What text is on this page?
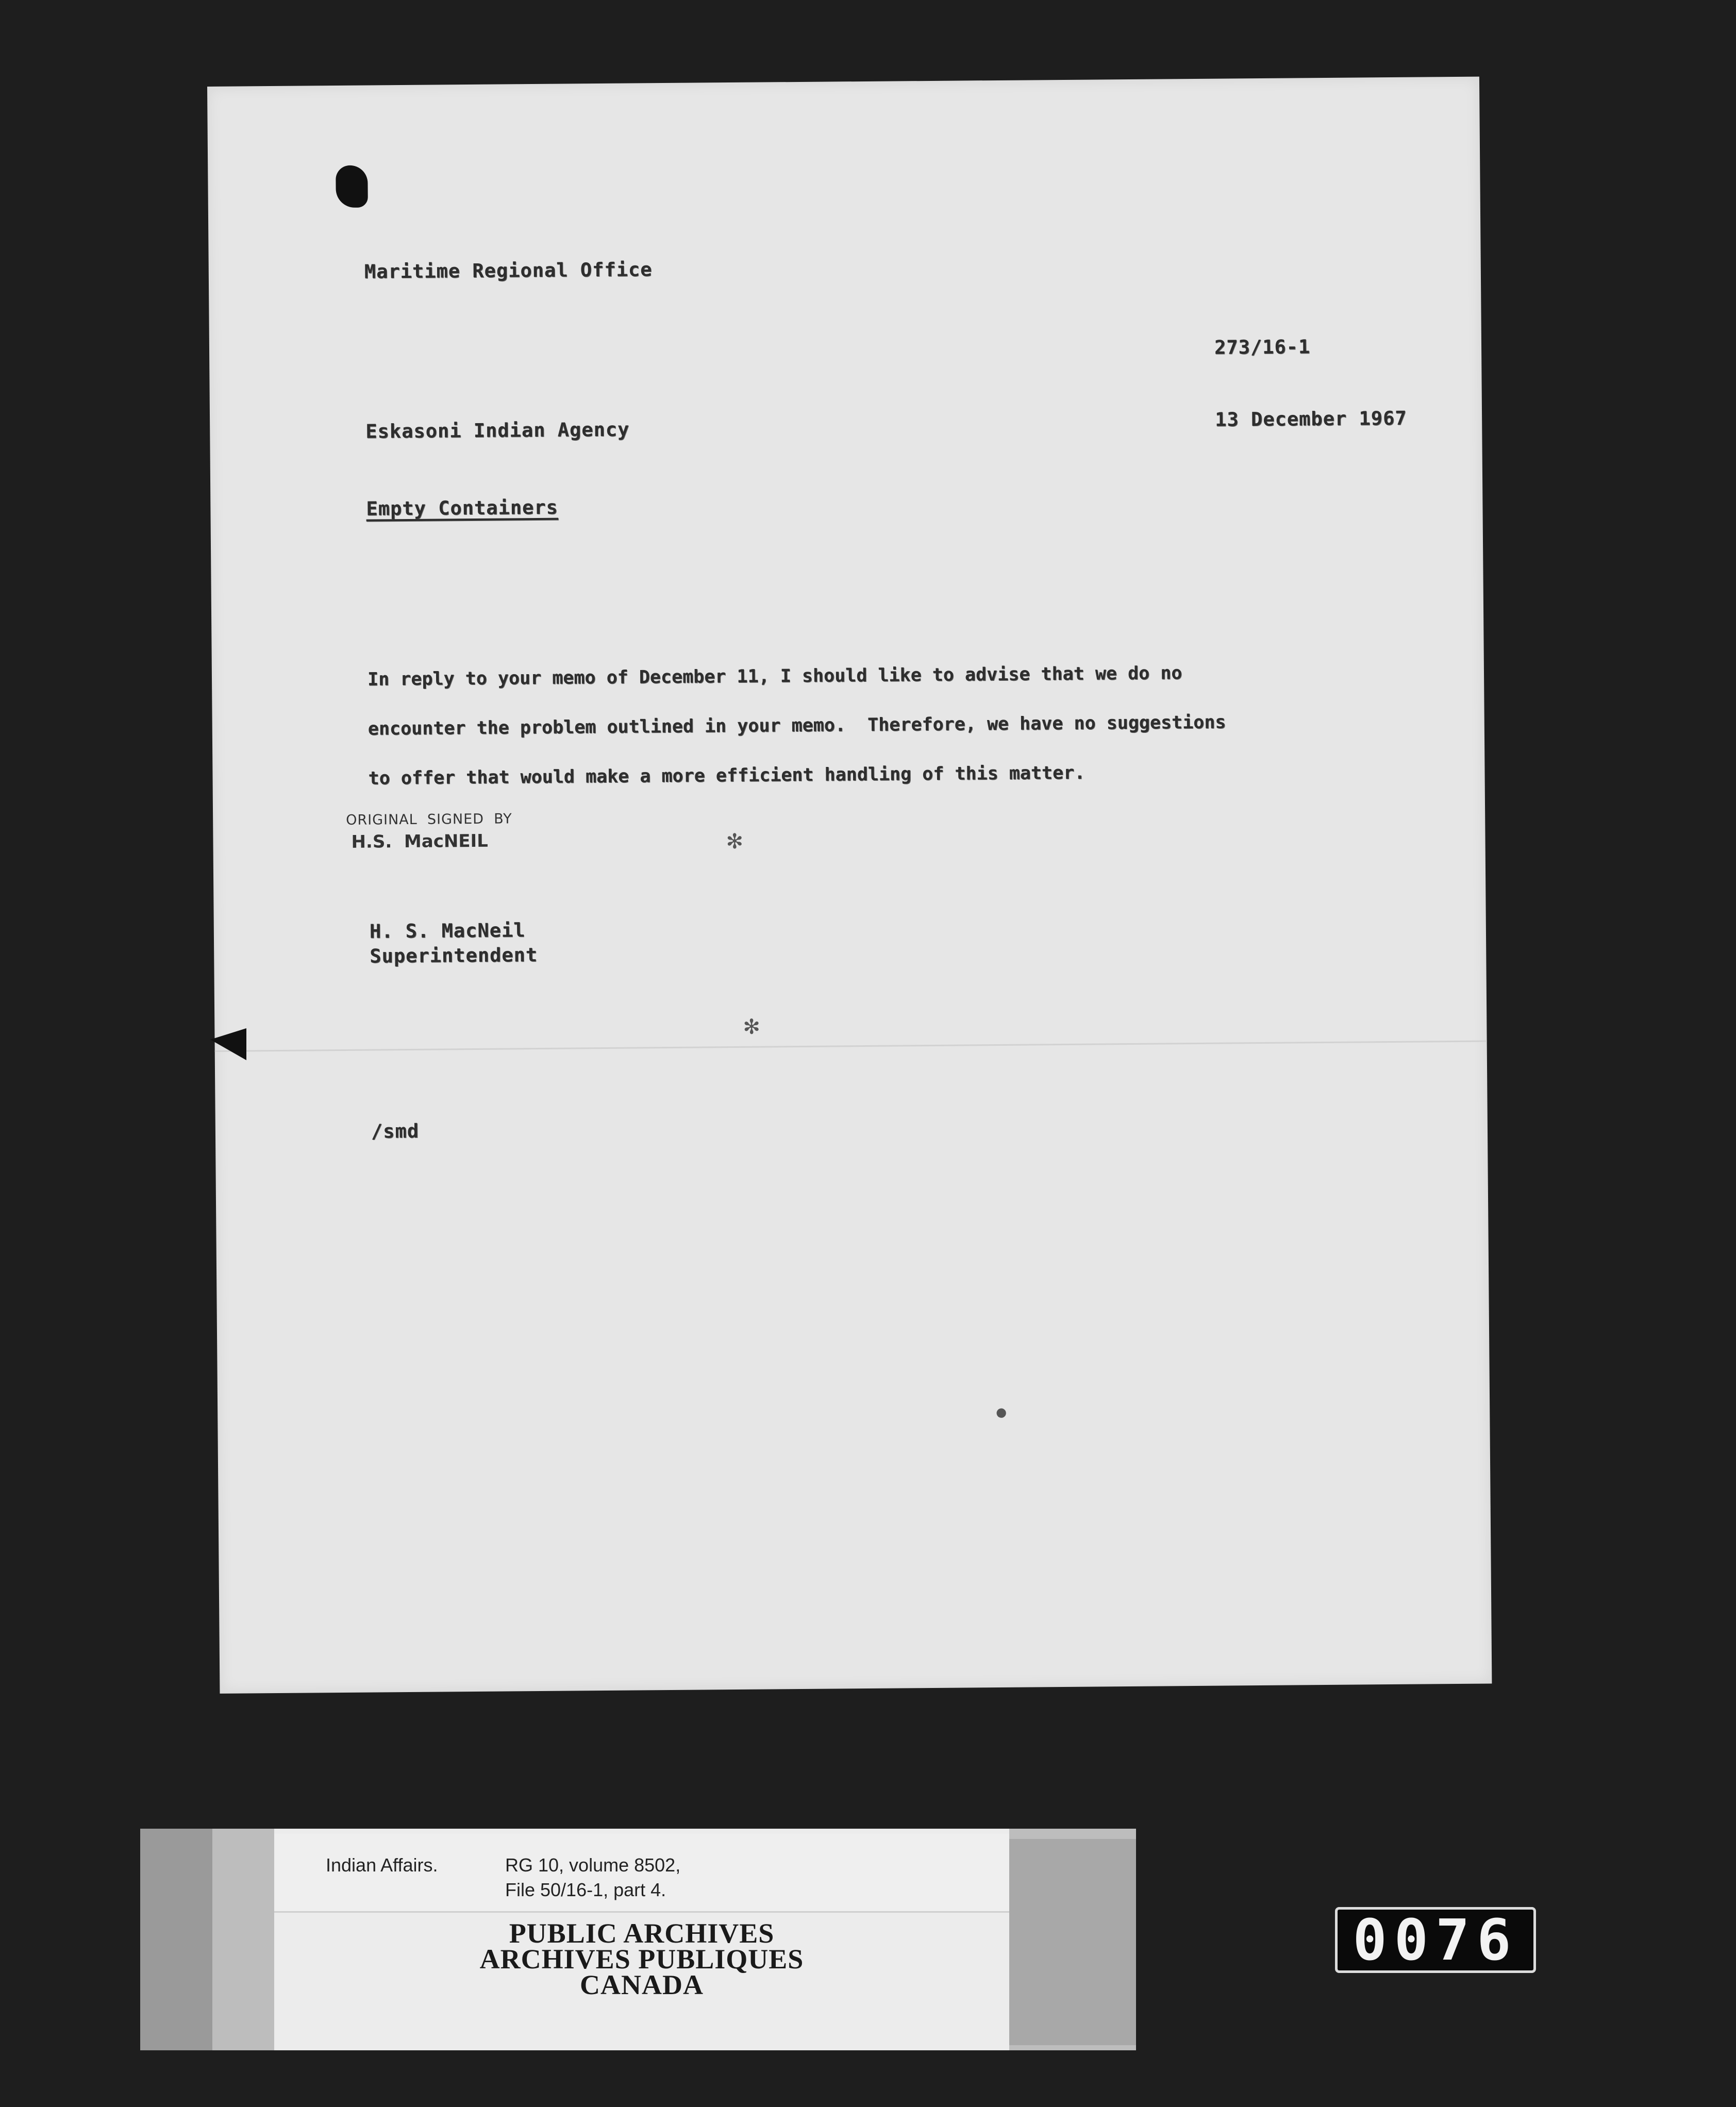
Maritime Regional Office
273/16-1
Eskasoni Indian Agency	13 December 1967
Empty Containers
In reply to your memo of December 11, I should like to advise that we do no
encounter the problem outlined in your memo.  Therefore, we have no suggestions
to offer that would make a more efficient handling of this matter.
ORIGINAL  SIGNED  BY
H.S.  MacNEIL
H. S. MacNeil
Superintendent
/smd
✻
✻
●
Indian Affairs.	RG 10, volume 8502,
File 50/16-1, part 4.
PUBLIC ARCHIVES
ARCHIVES PUBLIQUES
CANADA
0076
